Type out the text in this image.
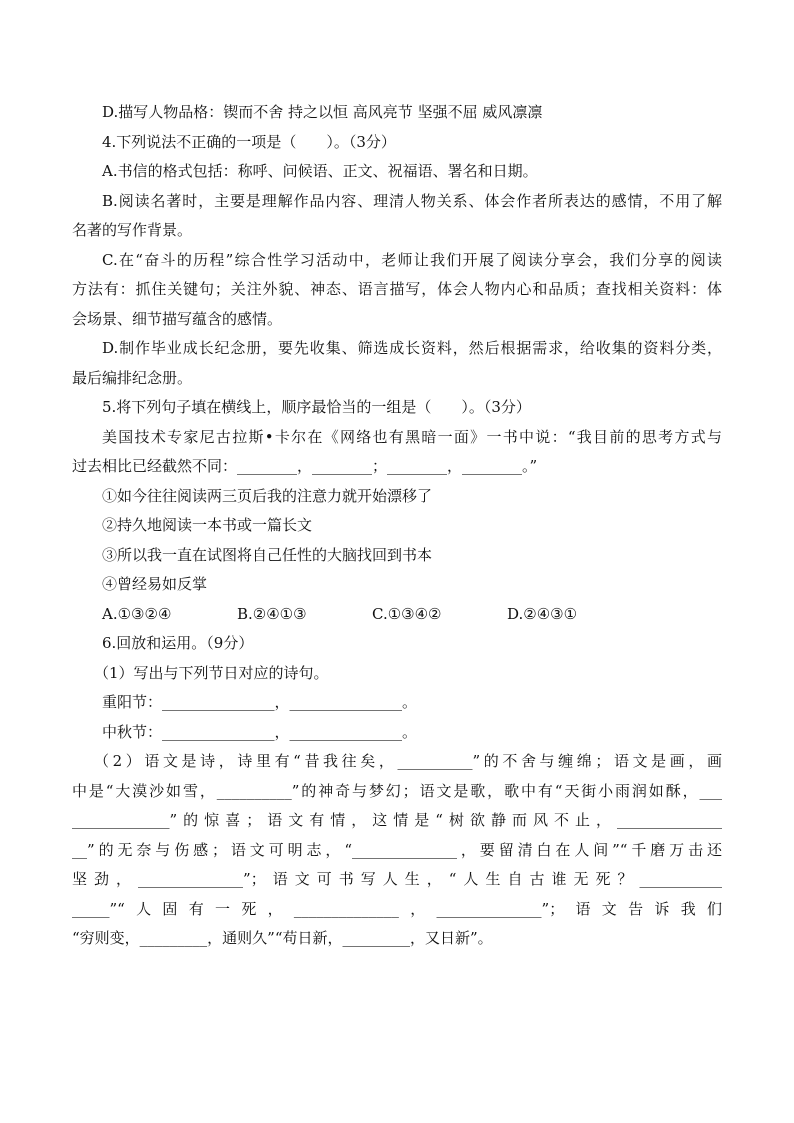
D.描写人物品格：锲而不舍 持之以恒 高风亮节 坚强不屈 威风凛凛
4.下列说法不正确的一项是（　　）。（3分）
A.书信的格式包括：称呼、问候语、正文、祝福语、署名和日期。
B.阅读名著时，主要是理解作品内容、理清人物关系、体会作者所表达的感情，不用了解
名著的写作背景。
C.在“奋斗的历程”综合性学习活动中，老师让我们开展了阅读分享会，我们分享的阅读
方法有：抓住关键句；关注外貌、神态、语言描写，体会人物内心和品质；查找相关资料：体
会场景、细节描写蕴含的感情。
D.制作毕业成长纪念册，要先收集、筛选成长资料，然后根据需求，给收集的资料分类，
最后编排纪念册。
5.将下列句子填在横线上，顺序最恰当的一组是（　　）。（3分）
美国技术专家尼古拉斯•卡尔在《网络也有黑暗一面》一书中说：“我目前的思考方式与
过去相比已经截然不同：________，________；________，________。”
①如今往往阅读两三页后我的注意力就开始漂移了
②持久地阅读一本书或一篇长文
③所以我一直在试图将自己任性的大脑找回到书本
④曾经易如反掌
A.①③②④	B.②④①③	C.①③④②	D.②④③①
6.回放和运用。（9分）
（1）写出与下列节日对应的诗句。
重阳节：_______________，_______________。
中秋节：_______________，_______________。
（2）语文是诗，诗里有“昔我往矣，__________”的不舍与缠绵；语文是画，画
中是“大漠沙如雪，__________”的神奇与梦幻；语文是歌，歌中有“天街小雨润如酥，___
_____________”的惊喜；语文有情，这情是“树欲静而风不止，______________
__”的无奈与伤感；语文可明志，“______________，要留清白在人间”“千磨万击还
坚劲，______________”；语文可书写人生，“人生自古谁无死？___________
_____”“人固有一死，______________，______________”；语文告诉我们
“穷则变，_________，通则久”“苟日新，_________，又日新”。
